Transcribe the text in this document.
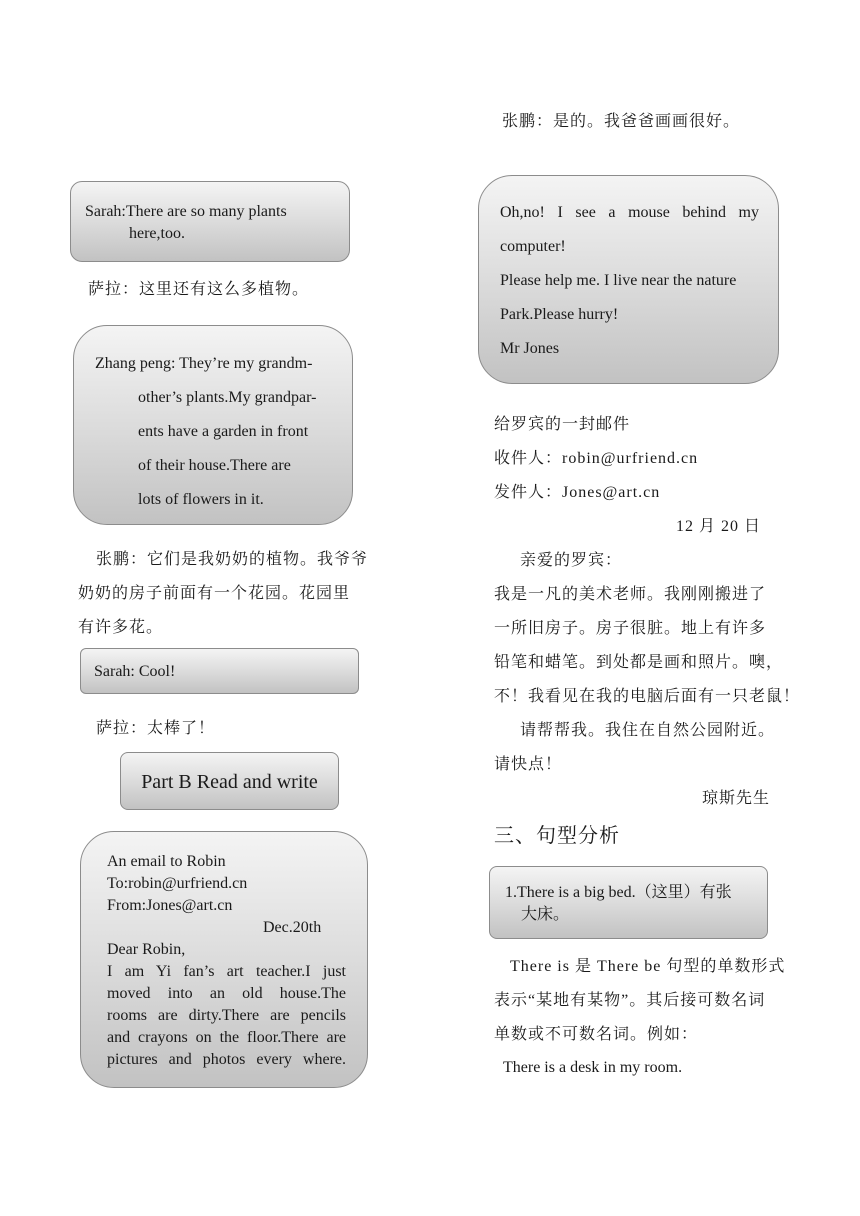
Sarah:There are so many plants
here,too.
萨拉：这里还有这么多植物。
Zhang peng: They’re my grandm-
other’s plants.My grandpar-
ents have a garden in front
of their house.There are
lots of flowers in it.
张鹏：它们是我奶奶的植物。我爷爷
奶奶的房子前面有一个花园。花园里
有许多花。
Sarah: Cool!
萨拉：太棒了！
Part B Read and write
An email to Robin
To:robin@urfriend.cn
From:Jones@art.cn
Dec.20th
Dear Robin,
I am Yi fan’s art teacher.I just
moved into an old house.The
rooms are dirty.There are pencils
and crayons on the floor.There are
pictures and photos every where.
张鹏：是的。我爸爸画画很好。
Oh,no! I see a mouse behind my
computer!
Please help me. I live near the nature
Park.Please hurry!
Mr Jones
给罗宾的一封邮件
收件人：robin@urfriend.cn
发件人：Jones@art.cn
12 月 20 日
亲爱的罗宾：
我是一凡的美术老师。我刚刚搬进了
一所旧房子。房子很脏。地上有许多
铅笔和蜡笔。到处都是画和照片。噢，
不！我看见在我的电脑后面有一只老鼠！
请帮帮我。我住在自然公园附近。
请快点！
琼斯先生
三、句型分析
1.There is a big bed.（这里）有张
大床。
There is 是 There be 句型的单数形式
表示“某地有某物”。其后接可数名词
单数或不可数名词。例如：
There is a desk in my room.
